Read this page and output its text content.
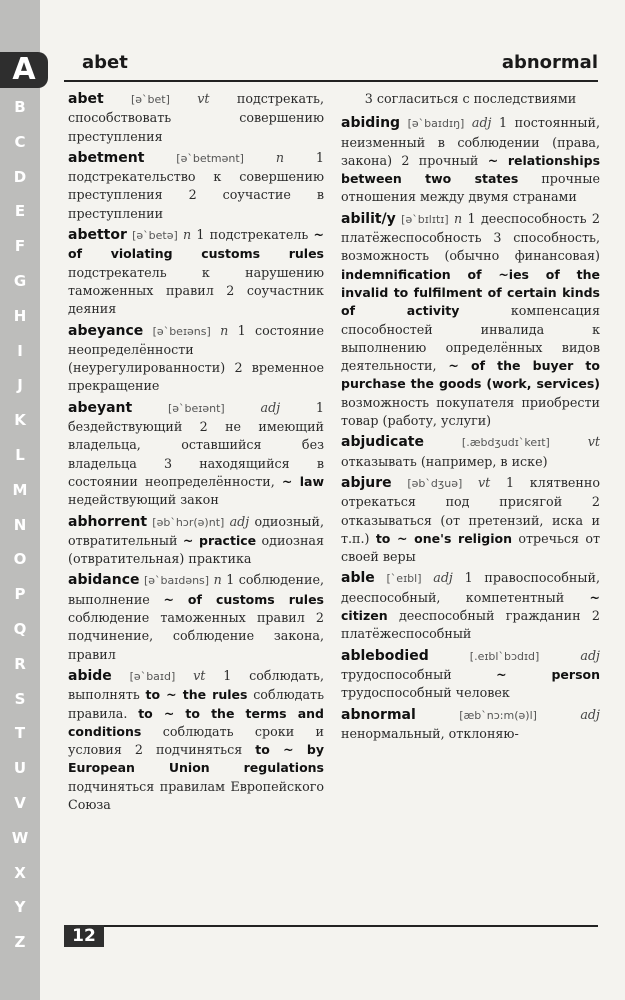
A
B
C
D
E
F
G
H
I
J
K
L
M
N
O
P
Q
R
S
T
U
V
W
X
Y
Z
abet	abnormal
abet [ə`bet] vt подстрекать, способствовать совершению преступления
abetment	[ə`betmənt]	n 1 подстрекательство к совершению преступления 2 соучастие в преступлении
abettor [ə`betə] n 1 подстрекатель ~ of violating customs rules подстрекатель к нарушению таможенных правил 2 соучастник деяния
abeyance [ə`beɪəns] n 1 состояние неопределённости (неурегулированности) 2 временное прекращение
abeyant	[ə`beɪənt]	adj 1 бездействующий 2 не имеющий владельца, оставшийся без владельца 3 находящийся в состоянии неопределённости, ~ law недействующий закон
abhorrent [əb`hɔr(ə)nt] adj одиозный, отвратительный ~ practice одиозная (отвратительная) практика
abidance [ə`baɪdəns] n 1 соблюдение, выполнение ~ of customs rules соблюдение таможенных правил 2 подчинение, соблюдение закона, правил
abide [ə`baɪd] vt 1 соблюдать, выполнять to ~ the rules соблюдать правила. to ~ to the terms and conditions соблюдать сроки и условия 2 подчиняться to ~ by European Union regulations подчиняться правилам Европейского Союза
3 согласиться с последствиями
abiding [ə`baɪdɪŋ] adj 1 постоянный, неизменный в соблюдении (права, закона) 2 прочный ~ relationships between two states прочные отношения между двумя странами
abilit/y [ə`bɪlɪtɪ] n 1 дееспособность 2 платёжеспособность 3 способность, возможность (обычно финансовая) indemnification of ~ies of the invalid to fulfilment of certain kinds of activity компенсация способностей инвалида к выполнению определённых видов деятельности, ~ of the buyer to purchase the goods (work, services) возможность покупателя приобрести товар (работу, услуги)
abjudicate	[.æbdʒudɪ`keɪt]	vt отказывать (например, в иске)
abjure [əb`dʒuə] vt 1 клятвенно отрекаться под присягой 2 отказываться (от претензий, иска и т.п.) to ~ one's religion отречься от своей веры
able [`eɪbl] adj 1 правоспособный, дееспособный, компетентный ~ citizen дееспособный гражданин 2 платёжеспособный
ablebodied	[.eɪbl`bɔdɪd]	adj трудоспособный ~ person трудоспособный человек
abnormal	[æb`nɔ:m(ə)l]	adj ненормальный, отклоняю-
12
